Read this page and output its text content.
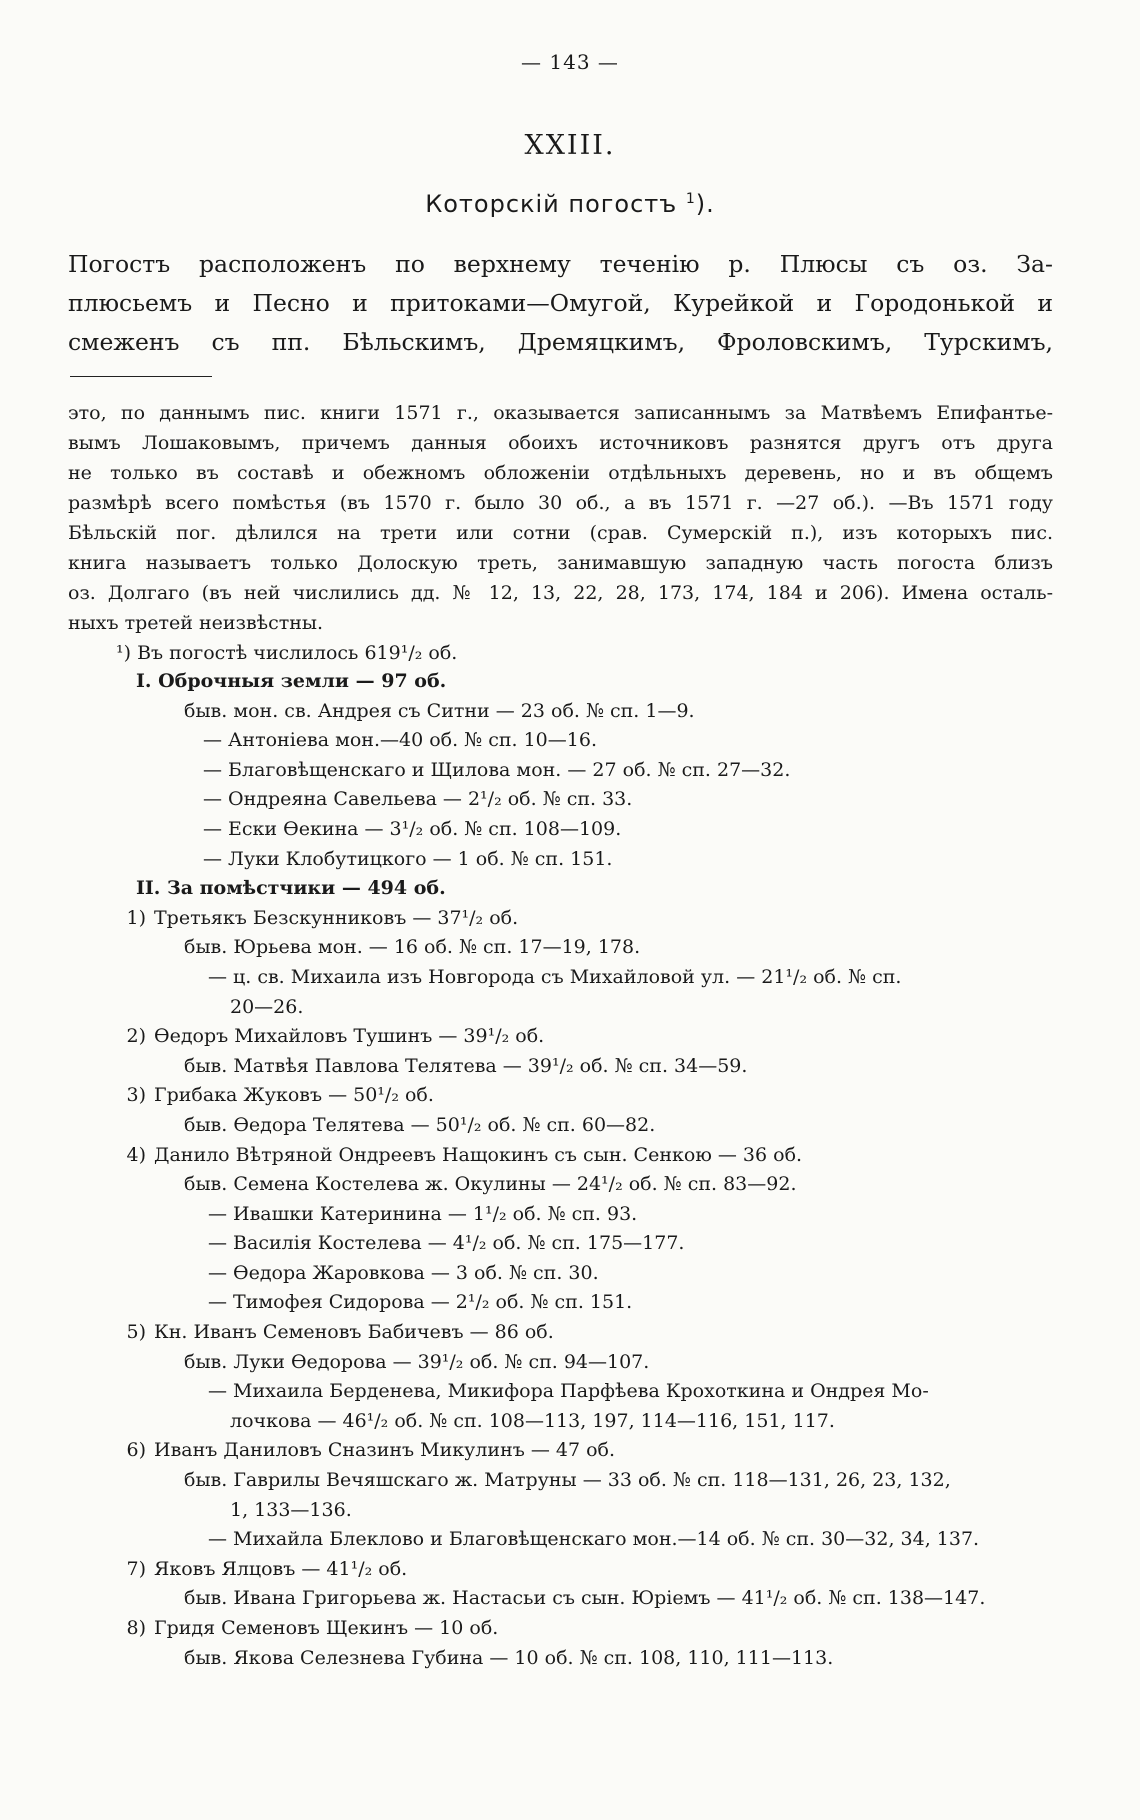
— 143 —
XXIII.
Которскій погостъ $^1$).
Погостъ расположенъ по верхнему теченію р. Плюсы съ оз. За-
плюсьемъ и Песно и притоками—Омугой, Курейкой и Городонькой и
смеженъ съ пп. Бѣльскимъ, Дремяцкимъ, Фроловскимъ, Турскимъ,
это, по даннымъ пис. книги 1571 г., оказывается записаннымъ за Матвѣемъ Епифантье-
вымъ Лошаковымъ, причемъ данныя обоихъ источниковъ разнятся другъ отъ друга
не только въ составѣ и обежномъ обложеніи отдѣльныхъ деревень, но и въ общемъ
размѣрѣ всего помѣстья (въ 1570 г. было 30 об., а въ 1571 г. —27 об.). —Въ 1571 году
Бѣльскій пог. дѣлился на трети или сотни (срав. Сумерскій п.), изъ которыхъ пис.
книга называетъ только Долоскую треть, занимавшую западную часть погоста близъ
оз. Долгаго (въ ней числились дд. № 12, 13, 22, 28, 173, 174, 184 и 206). Имена осталь-
ныхъ третей неизвѣстны.
¹) Въ погостѣ числилось 619¹/₂ об.
I. Оброчныя земли — 97 об.
быв. мон. св. Андрея съ Ситни — 23 об. № сп. 1—9.
— Антоніева мон.—40 об. № сп. 10—16.
— Благовѣщенскаго и Щилова мон. — 27 об. № сп. 27—32.
— Ондреяна Савельева — 2¹/₂ об. № сп. 33.
— Ески Өекина — 3¹/₂ об. № сп. 108—109.
— Луки Клобутицкого — 1 об. № сп. 151.
II. За помѣстчики — 494 об.
1) Третьякъ Безскунниковъ — 37¹/₂ об.
быв. Юрьева мон. — 16 об. № сп. 17—19, 178.
— ц. св. Михаила изъ Новгорода съ Михайловой ул. — 21¹/₂ об. № сп.
20—26.
2) Өедоръ Михайловъ Тушинъ — 39¹/₂ об.
быв. Матвѣя Павлова Телятева — 39¹/₂ об. № сп. 34—59.
3) Грибака Жуковъ — 50¹/₂ об.
быв. Өедора Телятева — 50¹/₂ об. № сп. 60—82.
4) Данило Вѣтряной Ондреевъ Нащокинъ съ сын. Сенкою — 36 об.
быв. Семена Костелева ж. Окулины — 24¹/₂ об. № сп. 83—92.
— Ивашки Катеринина — 1¹/₂ об. № сп. 93.
— Василія Костелева — 4¹/₂ об. № сп. 175—177.
— Өедора Жаровкова — 3 об. № сп. 30.
— Тимофея Сидорова — 2¹/₂ об. № сп. 151.
5) Кн. Иванъ Семеновъ Бабичевъ — 86 об.
быв. Луки Өедорова — 39¹/₂ об. № сп. 94—107.
— Михаила Берденева, Микифора Парфѣева Крохоткина и Ондрея Мо-
лочкова — 46¹/₂ об. № сп. 108—113, 197, 114—116, 151, 117.
6) Иванъ Даниловъ Сназинъ Микулинъ — 47 об.
быв. Гаврилы Вечяшскаго ж. Матруны — 33 об. № сп. 118—131, 26, 23, 132,
1, 133—136.
— Михайла Блеклово и Благовѣщенскаго мон.—14 об. № сп. 30—32, 34, 137.
7) Яковъ Ялцовъ — 41¹/₂ об.
быв. Ивана Григорьева ж. Настасьи съ сын. Юріемъ — 41¹/₂ об. № сп. 138—147.
8) Гридя Семеновъ Щекинъ — 10 об.
быв. Якова Селезнева Губина — 10 об. № сп. 108, 110, 111—113.
